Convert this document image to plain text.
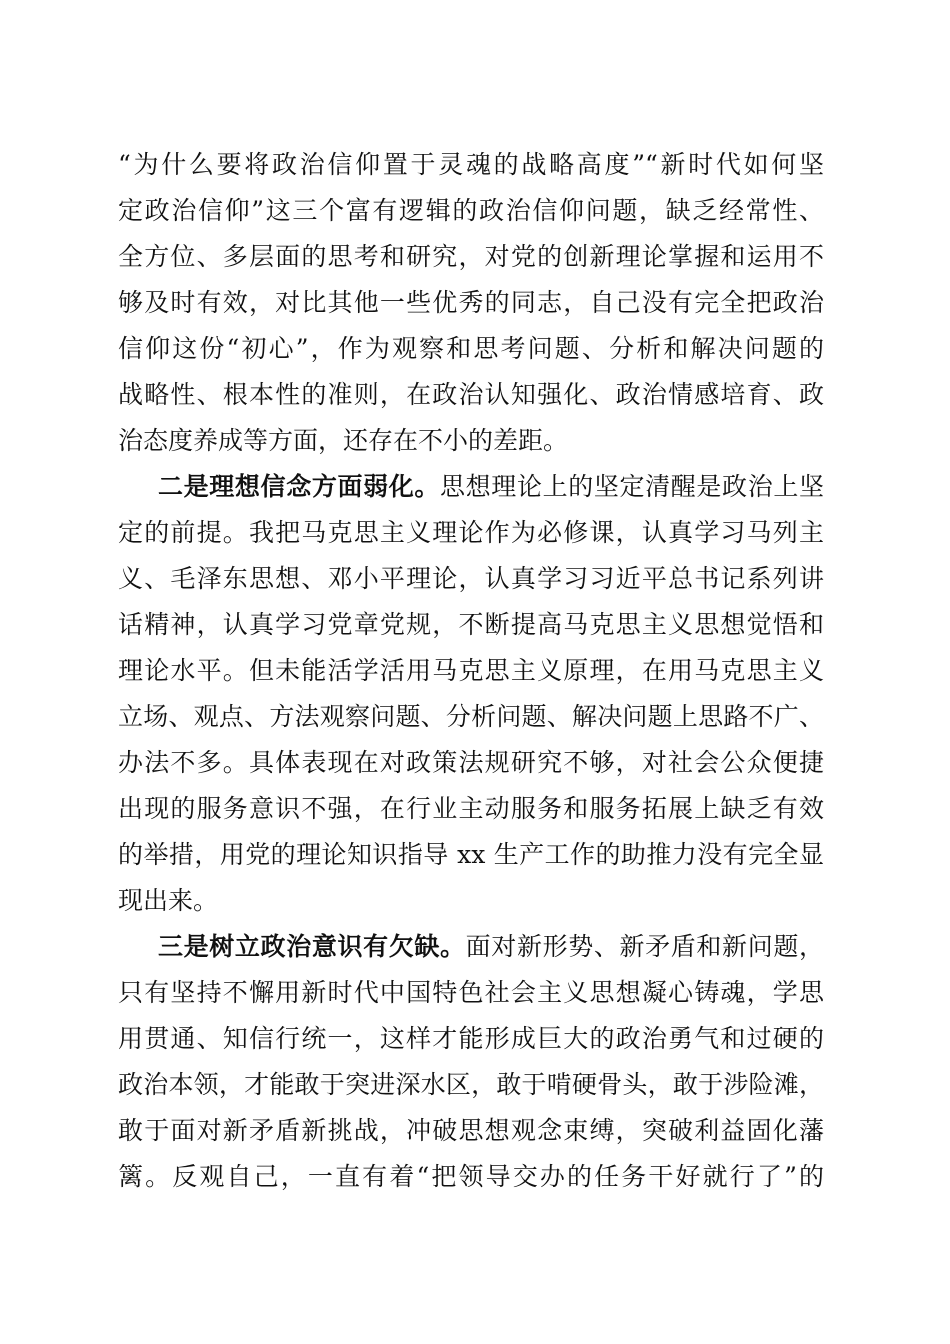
“为什么要将政治信仰置于灵魂的战略高度”“新时代如何坚
定政治信仰”这三个富有逻辑的政治信仰问题，缺乏经常性、
全方位、多层面的思考和研究，对党的创新理论掌握和运用不
够及时有效，对比其他一些优秀的同志，自己没有完全把政治
信仰这份“初心”，作为观察和思考问题、分析和解决问题的
战略性、根本性的准则，在政治认知强化、政治情感培育、政
治态度养成等方面，还存在不小的差距。
二是理想信念方面弱化。思想理论上的坚定清醒是政治上坚
定的前提。我把马克思主义理论作为必修课，认真学习马列主
义、毛泽东思想、邓小平理论，认真学习习近平总书记系列讲
话精神，认真学习党章党规，不断提高马克思主义思想觉悟和
理论水平。但未能活学活用马克思主义原理，在用马克思主义
立场、观点、方法观察问题、分析问题、解决问题上思路不广、
办法不多。具体表现在对政策法规研究不够，对社会公众便捷
出现的服务意识不强，在行业主动服务和服务拓展上缺乏有效
的举措，用党的理论知识指导 xx 生产工作的助推力没有完全显
现出来。
三是树立政治意识有欠缺。面对新形势、新矛盾和新问题，
只有坚持不懈用新时代中国特色社会主义思想凝心铸魂，学思
用贯通、知信行统一，这样才能形成巨大的政治勇气和过硬的
政治本领，才能敢于突进深水区，敢于啃硬骨头，敢于涉险滩，
敢于面对新矛盾新挑战，冲破思想观念束缚，突破利益固化藩
篱。反观自己，一直有着“把领导交办的任务干好就行了”的
